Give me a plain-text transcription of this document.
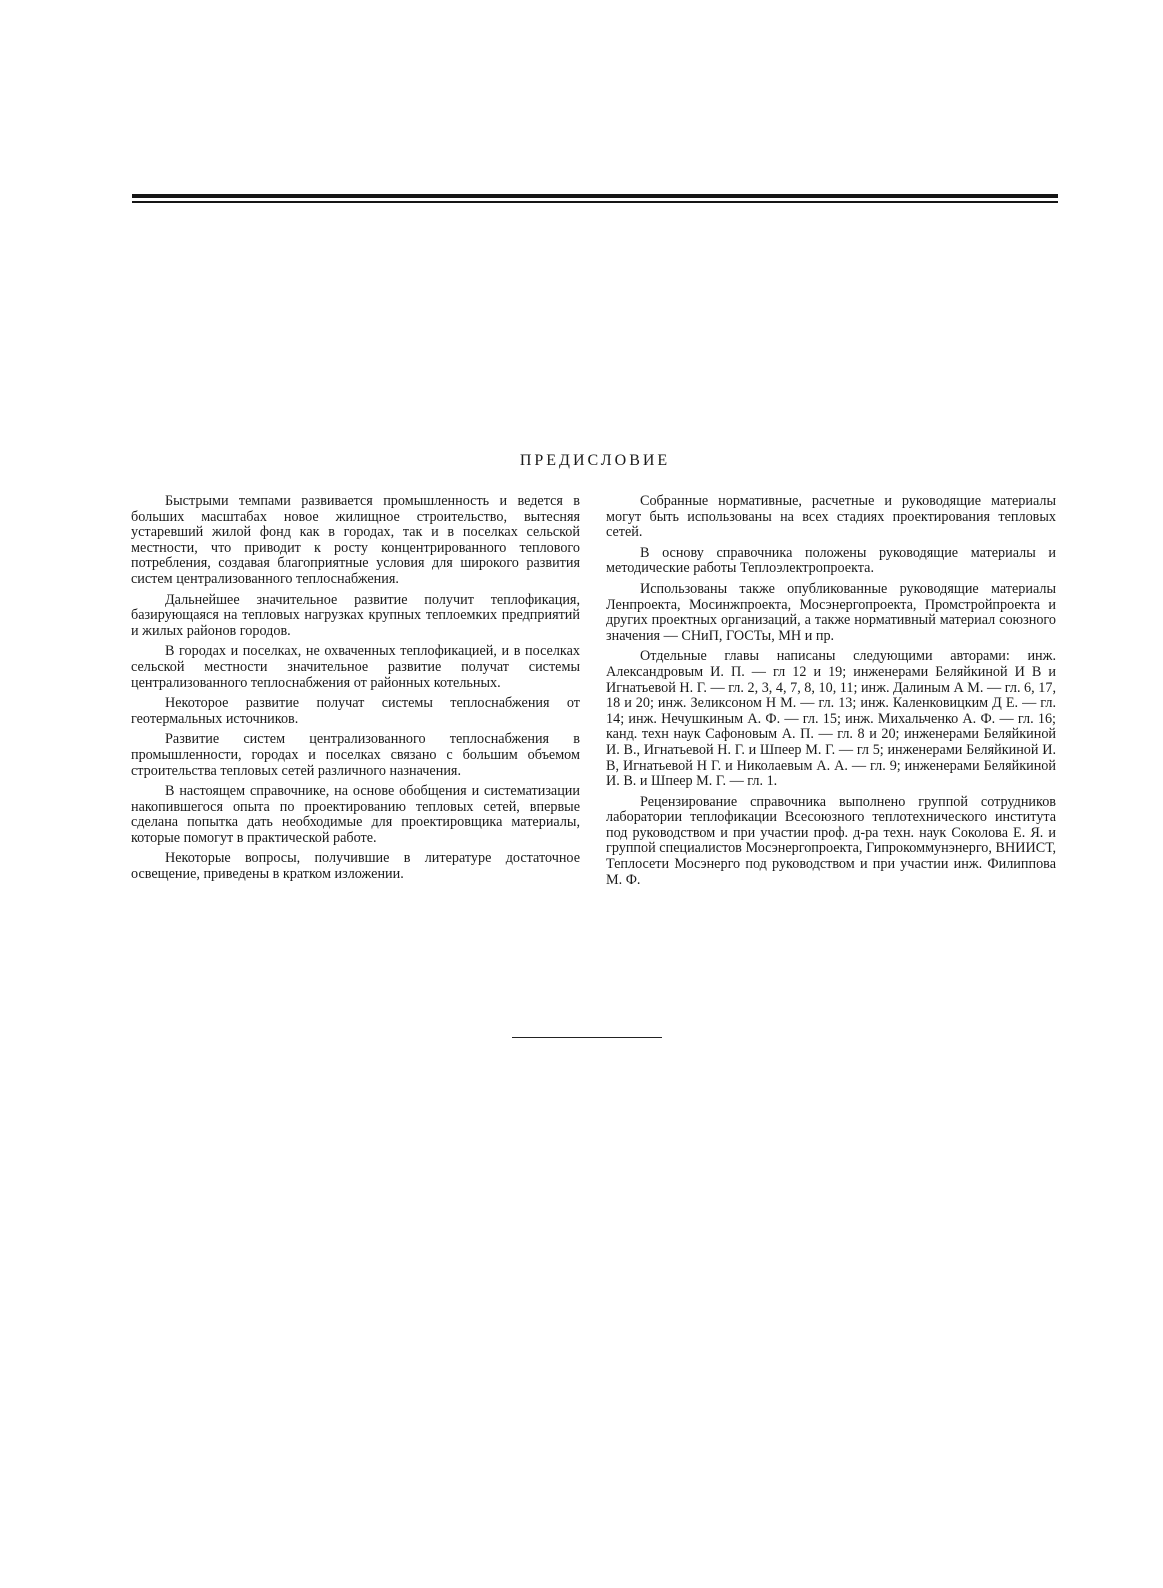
ПРЕДИСЛОВИЕ

Быстрыми темпами развивается промышленность и ведется в больших масштабах новое жилищное строительство, вытесняя устаревший жилой фонд как в городах, так и в поселках сельской местности, что приводит к росту концентрированного теплового потребления, создавая благоприятные условия для широкого развития систем централизованного теплоснабжения.

Дальнейшее значительное развитие получит теплофикация, базирующаяся на тепловых нагрузках крупных теплоемких предприятий и жилых районов городов.

В городах и поселках, не охваченных теплофикацией, и в поселках сельской местности значительное развитие получат системы централизованного теплоснабжения от районных котельных.

Некоторое развитие получат системы теплоснабжения от геотермальных источников.

Развитие систем централизованного теплоснабжения в промышленности, городах и поселках связано с большим объемом строительства тепловых сетей различного назначения.

В настоящем справочнике, на основе обобщения и систематизации накопившегося опыта по проектированию тепловых сетей, впервые сделана попытка дать необходимые для проектировщика материалы, которые помогут в практической работе.

Некоторые вопросы, получившие в литературе достаточное освещение, приведены в кратком изложении.

Собранные нормативные, расчетные и руководящие материалы могут быть использованы на всех стадиях проектирования тепловых сетей.

В основу справочника положены руководящие материалы и методические работы Теплоэлектропроекта.

Использованы также опубликованные руководящие материалы Ленпроекта, Мосинжпроекта, Мосэнергопроекта, Промстройпроекта и других проектных организаций, а также нормативный материал союзного значения — СНиП, ГОСТы, МН и пр.

Отдельные главы написаны следующими авторами: инж. Александровым И. П. — гл 12 и 19; инженерами Беляйкиной И В и Игнатьевой Н. Г. — гл. 2, 3, 4, 7, 8, 10, 11; инж. Далиным А М. — гл. 6, 17, 18 и 20; инж. Зеликсоном Н М. — гл. 13; инж. Каленковицким Д Е. — гл. 14; инж. Нечушкиным А. Ф. — гл. 15; инж. Михальченко А. Ф. — гл. 16; канд. техн наук Сафоновым А. П. — гл. 8 и 20; инженерами Беляйкиной И. В., Игнатьевой Н. Г. и Шпеер М. Г. — гл 5; инженерами Беляйкиной И. В, Игнатьевой Н Г. и Николаевым А. А. — гл. 9; инженерами Беляйкиной И. В. и Шпеер М. Г. — гл. 1.

Рецензирование справочника выполнено группой сотрудников лаборатории теплофикации Всесоюзного теплотехнического института под руководством и при участии проф. д-ра техн. наук Соколова Е. Я. и группой специалистов Мосэнергопроекта, Гипрокоммунэнерго, ВНИИСТ, Теплосети Мосэнерго под руководством и при участии инж. Филиппова М. Ф.
